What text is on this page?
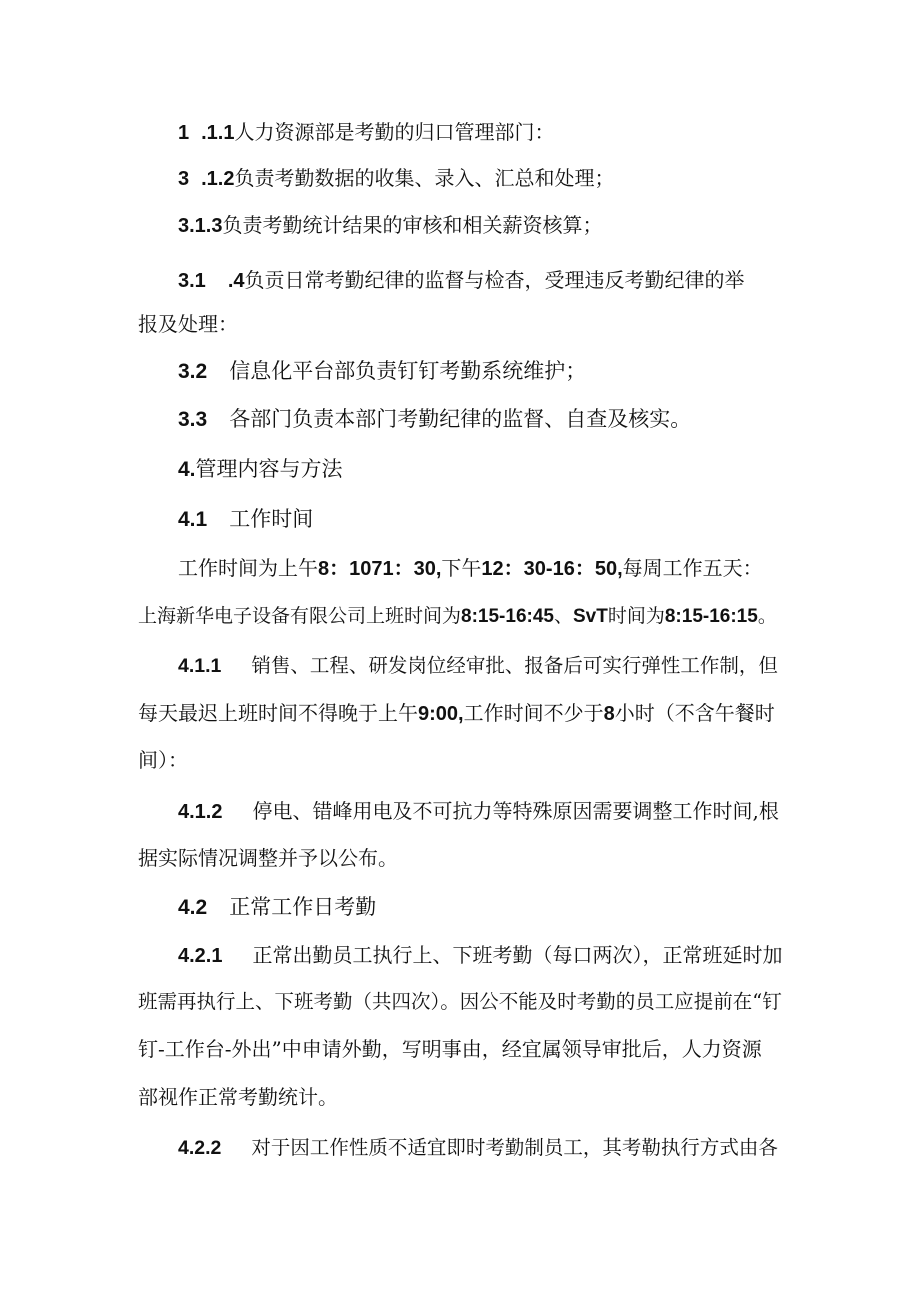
1 .1.1人力资源部是考勤的归口管理部门：
3 .1.2负责考勤数据的收集、录入、汇总和处理；
3.1.3负责考勤统计结果的审核和相关薪资核算；
3.1 .4负贡日常考勤纪律的监督与检杳，受理违反考勤纪律的举
报及处理：
3.2 信息化平台部负责钉钉考勤系统维护；
3.3 各部门负责本部门考勤纪律的监督、自查及核实。
4.管理内容与方法
4.1 工作时间
工作时间为上午8：1071：30,下午12：30-16：50,每周工作五天：
上海新华电子设备有限公司上班时间为8:15-16:45、SvT时间为8:15-16:15。
4.1.1 销售、工程、研发岗位经审批、报备后可实行弹性工作制，但
每天最迟上班时间不得晚于上午9:00,工作时间不少于8小时（不含午餐时
间）：
4.1.2 停电、错峰用电及不可抗力等特殊原因需要调整工作时间,根
据实际情况调整并予以公布。
4.2 正常工作日考勤
4.2.1 正常出勤员工执行上、下班考勤（每口两次），正常班延时加
班需再执行上、下班考勤（共四次）。因公不能及时考勤的员工应提前在“钉
钉-工作台-外出”中申请外勤，写明事由，经宜属领导审批后，人力资源
部视作正常考勤统计。
4.2.2 对于因工作性质不适宜即时考勤制员工，其考勒执行方式由各
